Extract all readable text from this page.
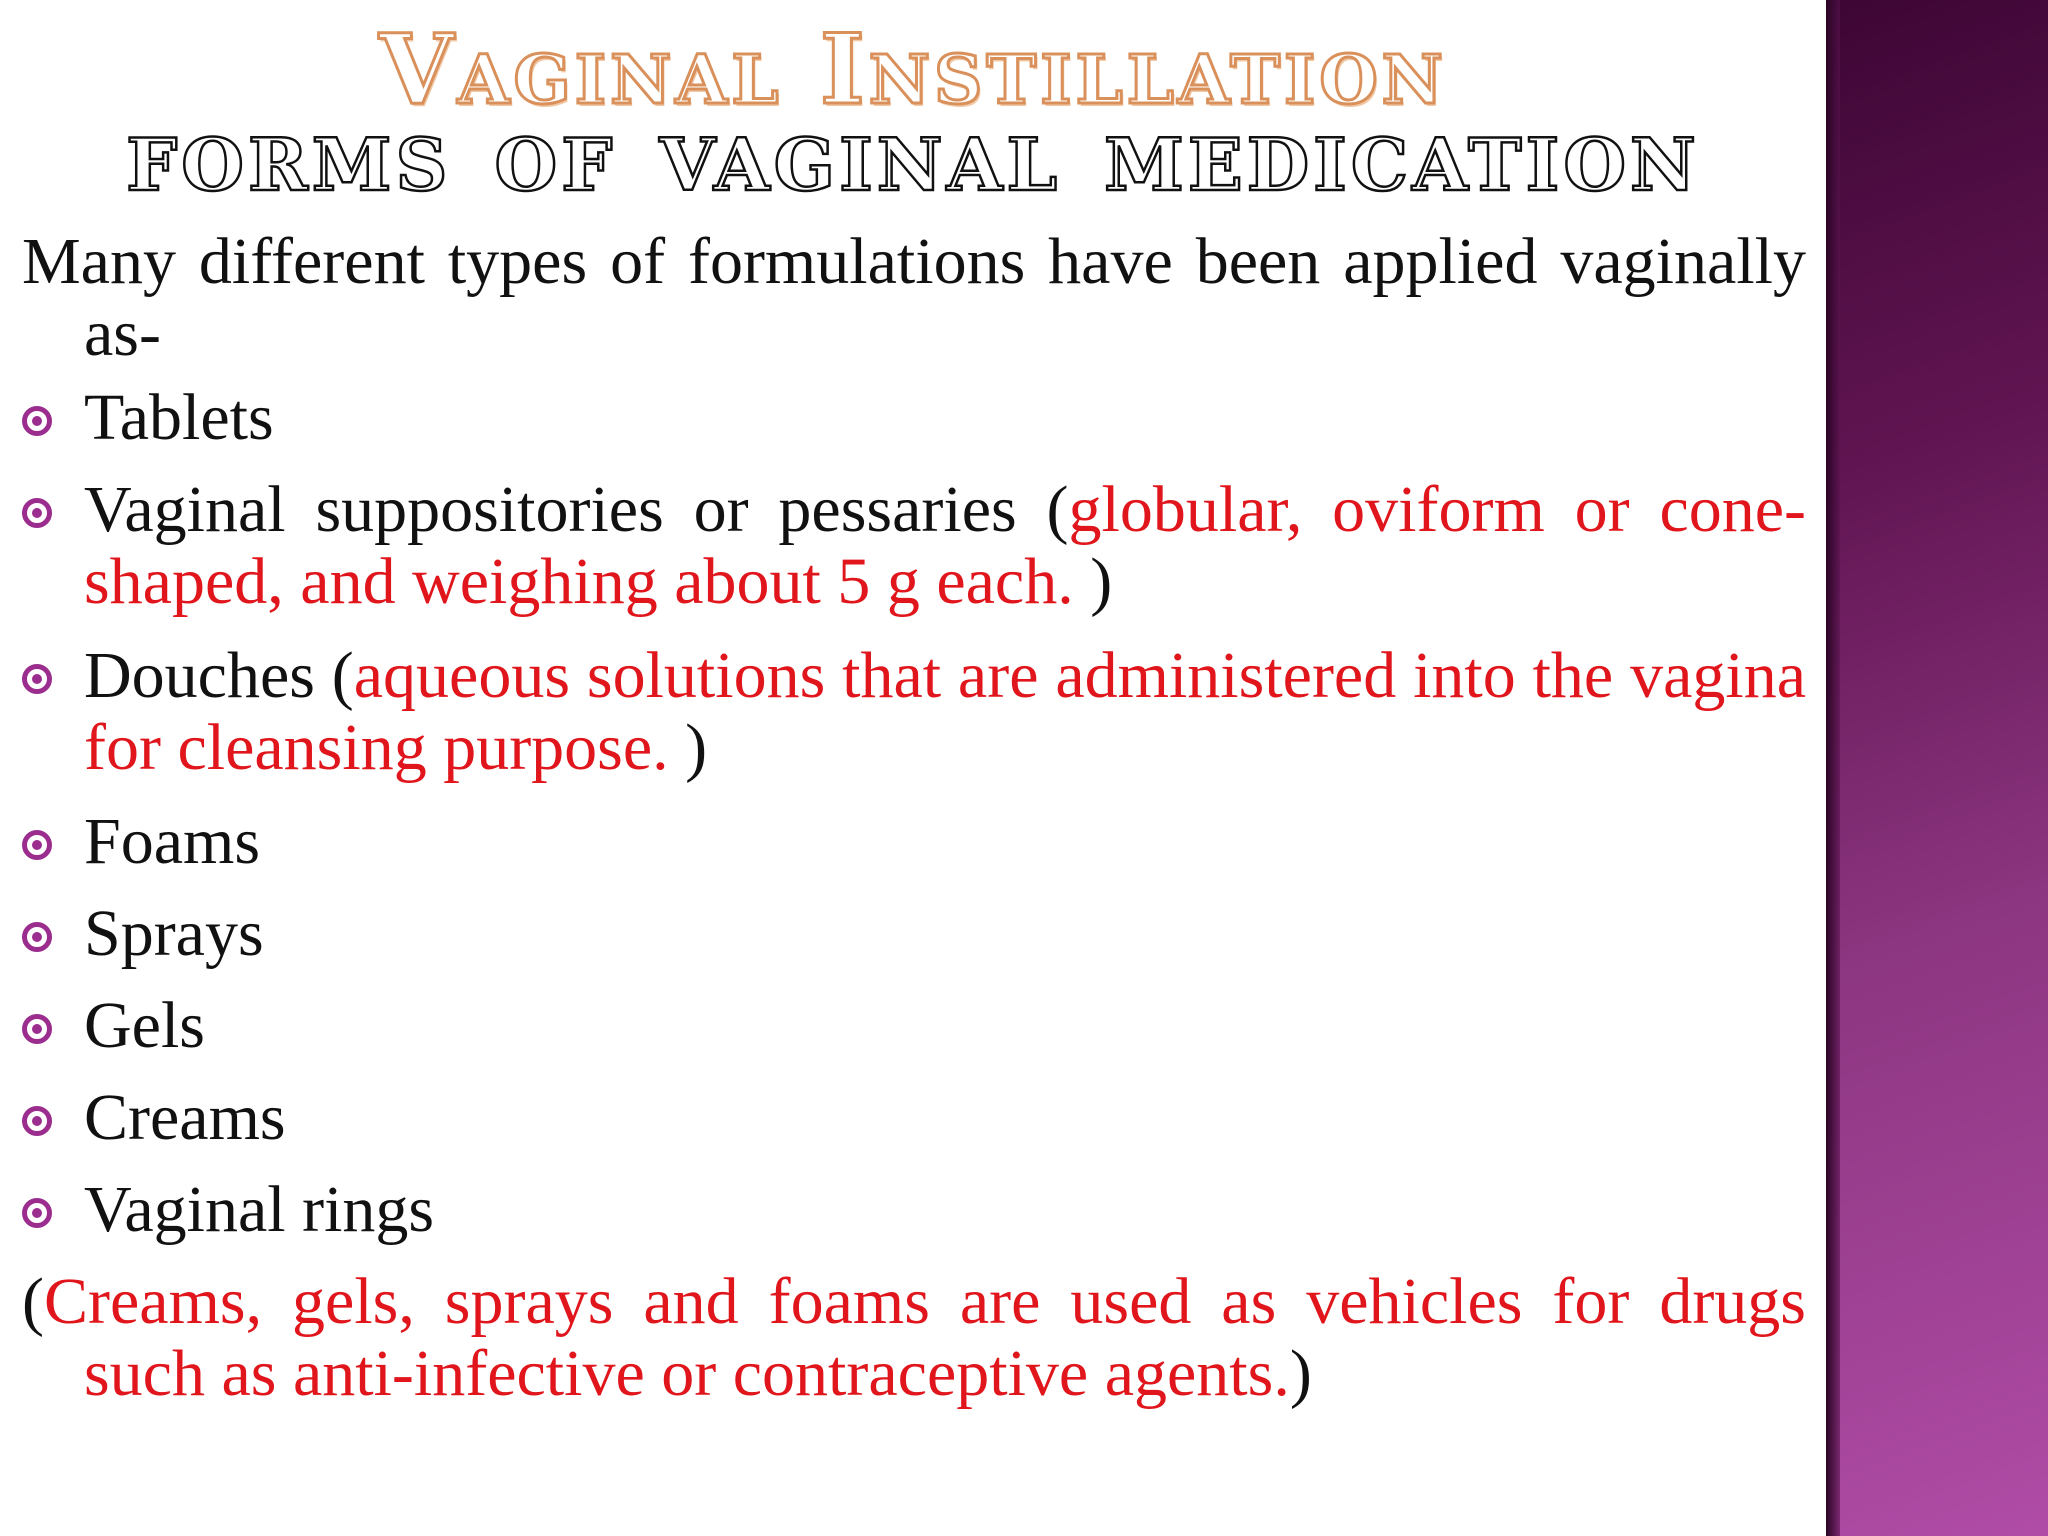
Vaginal Instillation
FORMS OF VAGINAL MEDICATION

Many different types of formulations have been applied vaginally as-

Tablets

Vaginal suppositories or pessaries (globular, oviform or cone-shaped, and weighing about 5 g each. )

Douches (aqueous solutions that are administered into the vagina for cleansing purpose. )

Foams

Sprays

Gels

Creams

Vaginal rings

(Creams, gels, sprays and foams are used as vehicles for drugs such as anti-infective or contraceptive agents.)
